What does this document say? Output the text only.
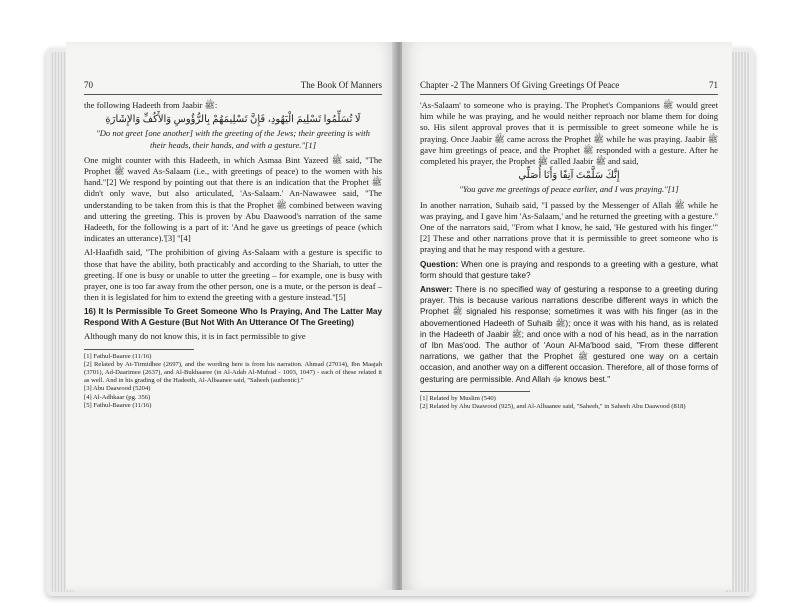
70	The Book Of Manners

the following Hadeeth from Jaabir ﷺ:

لَا تُسَلِّمُوا تَسْلِيمَ الْيَهُودِ، فَإِنَّ تَسْلِيمَهُمْ بِالرُّؤُوسِ وَالأَكُفِّ وَالإِشَارَةِ
"Do not greet [one another] with the greeting of the Jews; their greeting is with their heads, their hands, and with a gesture."[1]

One might counter with this Hadeeth, in which Asmaa Bint Yazeed ﷺ said, "The Prophet ﷺ waved As-Salaam (i.e., with greetings of peace) to the women with his hand."[2] We respond by pointing out that there is an indication that the Prophet ﷺ didn't only wave, but also articulated, 'As-Salaam.' An-Nawawee said, "The understanding to be taken from this is that the Prophet ﷺ combined between waving and uttering the greeting. This is proven by Abu Daawood's narration of the same Hadeeth, for the following is a part of it: 'And he gave us greetings of peace (which indicates an utterance).'[3] "[4]

Al-Haafidh said, "The prohibition of giving As-Salaam with a gesture is specific to those that have the ability, both practicably and according to the Shariah, to utter the greeting. If one is busy or unable to utter the greeting – for example, one is busy with prayer, one is too far away from the other person, one is a mute, or the person is deaf – then it is legislated for him to extend the greeting with a gesture instead."[5]

16) It Is Permissible To Greet Someone Who Is Praying, And The Latter May Respond With A Gesture (But Not With An Utterance Of The Greeting)

Although many do not know this, it is in fact permissible to give

[1] Fathul-Baaree (11/16)
[2] Related by At-Tirmidhee (2697), and the wording here is from his narration. Ahmad (27014), Ibn Maajah (3701), Ad-Daarimee (2637), and Al-Bukhaaree (in Al-Adab Al-Mufrad - 1003, 1047) - each of these related it as well. And in his grading of the Hadeeth, Al-Albaanee said, "Saheeh (authentic)."
[3] Abu Daawood (5204)
[4] Al-Adhkaar (pg. 356)
[5] Fathul-Baaree (11/16)
Chapter -2 The Manners Of Giving Greetings Of Peace	71

'As-Salaam' to someone who is praying. The Prophet's Companions ﷺ would greet him while he was praying, and he would neither reproach nor blame them for doing so. His silent approval proves that it is permissible to greet someone while he is praying. Once Jaabir ﷺ came across the Prophet ﷺ while he was praying. Jaabir ﷺ gave him greetings of peace, and the Prophet ﷺ responded with a gesture. After he completed his prayer, the Prophet ﷺ called Jaabir ﷺ and said,

إِنَّكَ سَلَّمْتَ آنِفًا وَأَنَا أُصَلِّي
"You gave me greetings of peace earlier, and I was praying."[1]

In another narration, Suhaib said, "I passed by the Messenger of Allah ﷺ while he was praying, and I gave him 'As-Salaam,' and he returned the greeting with a gesture." One of the narrators said, "From what I know, he said, 'He gestured with his finger.'"[2] These and other narrations prove that it is permissible to greet someone who is praying and that he may respond with a gesture.

Question: When one is praying and responds to a greeting with a gesture, what form should that gesture take?

Answer: There is no specified way of gesturing a response to a greeting during prayer. This is because various narrations describe different ways in which the Prophet ﷺ signaled his response; sometimes it was with his finger (as in the abovementioned Hadeeth of Suhaib ﷺ); once it was with his hand, as is related in the Hadeeth of Jaabir ﷺ; and once with a nod of his head, as in the narration of Ibn Mas'ood. The author of 'Aoun Al-Ma'bood said, "From these different narrations, we gather that the Prophet ﷺ gestured one way on a certain occasion, and another way on a different occasion. Therefore, all of those forms of gesturing are permissible. And Allah ﷻ knows best."

[1] Related by Muslim (540)
[2] Related by Abu Daawood (925), and Al-Albaanee said, "Saheeh," in Saheeh Abu Daawood (818)
